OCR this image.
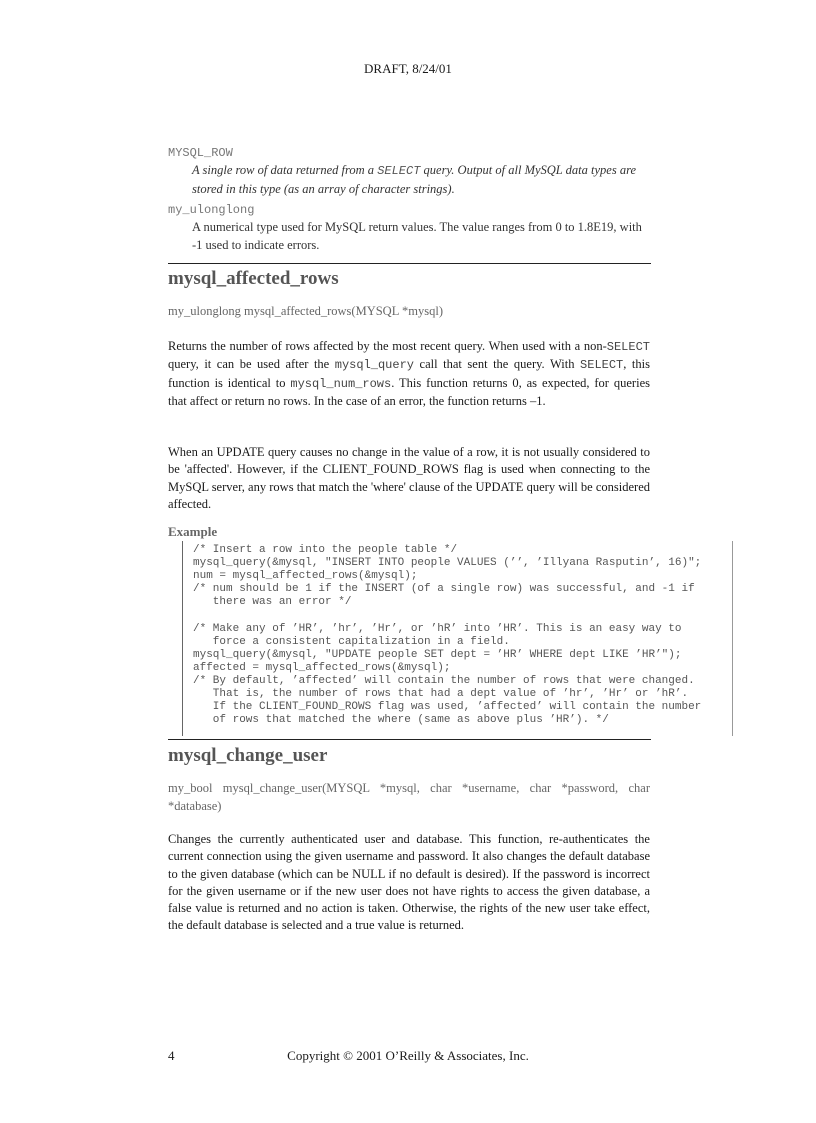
DRAFT, 8/24/01
MYSQL_ROW
A single row of data returned from a SELECT query. Output of all MySQL data types are stored in this type (as an array of character strings).
my_ulonglong
A numerical type used for MySQL return values. The value ranges from 0 to 1.8E19, with -1 used to indicate errors.
mysql_affected_rows
my_ulonglong mysql_affected_rows(MYSQL *mysql)
Returns the number of rows affected by the most recent query. When used with a non-SELECT query, it can be used after the mysql_query call that sent the query. With SELECT, this function is identical to mysql_num_rows. This function returns 0, as expected, for queries that affect or return no rows. In the case of an error, the function returns –1.
When an UPDATE query causes no change in the value of a row, it is not usually considered to be 'affected'. However, if the CLIENT_FOUND_ROWS flag is used when connecting to the MySQL server, any rows that match the 'where' clause of the UPDATE query will be considered affected.
Example
/* Insert a row into the people table */
mysql_query(&mysql, "INSERT INTO people VALUES (’’, ’Illyana Rasputin’, 16)";
num = mysql_affected_rows(&mysql);
/* num should be 1 if the INSERT (of a single row) was successful, and -1 if
there was an error */

/* Make any of ’HR’, ’hr’, ’Hr’, or ’hR’ into ’HR’. This is an easy way to
force a consistent capitalization in a field.
mysql_query(&mysql, "UPDATE people SET dept = ’HR’ WHERE dept LIKE ’HR’");
affected = mysql_affected_rows(&mysql);
/* By default, ’affected’ will contain the number of rows that were changed.
That is, the number of rows that had a dept value of ’hr’, ’Hr’ or ’hR’.
If the CLIENT_FOUND_ROWS flag was used, ’affected’ will contain the number
of rows that matched the where (same as above plus ’HR’). */
mysql_change_user
my_bool mysql_change_user(MYSQL *mysql, char *username, char *password, char *database)
Changes the currently authenticated user and database. This function, re-authenticates the current connection using the given username and password. It also changes the default database to the given database (which can be NULL if no default is desired). If the password is incorrect for the given username or if the new user does not have rights to access the given database, a false value is returned and no action is taken. Otherwise, the rights of the new user take effect, the default database is selected and a true value is returned.
4	Copyright © 2001 O’Reilly & Associates, Inc.
